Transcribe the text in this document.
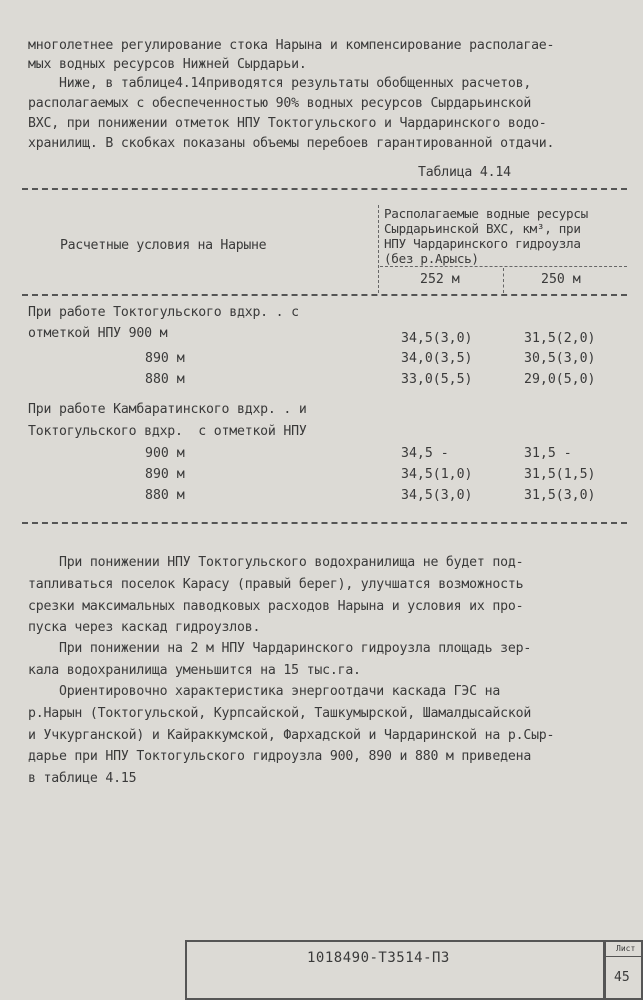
многолетнее регулирование стока Нарына и компенсирование располагае-
мых водных ресурсов Нижней Сырдарьи.
Ниже, в таблице4.14приводятся результаты обобщенных расчетов,
располагаемых с обеспеченностью 90% водных ресурсов Сырдарьинской
ВХС, при понижении отметок НПУ Токтогульского и Чардаринского водо-
хранилищ. В скобках показаны объемы перебоев гарантированной отдачи.
Таблица 4.14
Расчетные условия на Нарыне
Располагаемые водные ресурсы
Сырдарьинской ВХС, км³, при
НПУ Чардаринского гидроузла
(без р.Арысь)
252 м	250 м
При работе Токтогульского вдхр. . с
отметкой НПУ 900 м	34,5(3,0)	31,5(2,0)
890 м	34,0(3,5)	30,5(3,0)
880 м	33,0(5,5)	29,0(5,0)
При работе Камбаратинского вдхр. . и
Токтогульского вдхр.  с отметкой НПУ
900 м	34,5 -	31,5 -
890 м	34,5(1,0)	31,5(1,5)
880 м	34,5(3,0)	31,5(3,0)
При понижении НПУ Токтогульского водохранилища не будет под-
тапливаться поселок Карасу (правый берег), улучшатся возможность
срезки максимальных паводковых расходов Нарына и условия их про-
пуска через каскад гидроузлов.
При понижении на 2 м НПУ Чардаринского гидроузла площадь зер-
кала водохранилища уменьшится на 15 тыс.га.
Ориентировочно характеристика энергоотдачи каскада ГЭС на
р.Нарын (Токтогульской, Курпсайской, Ташкумырской, Шамалдысайской
и Учкурганской) и Кайраккумской, Фархадской и Чардаринской на р.Сыр-
дарье при НПУ Токтогульского гидроузла 900, 890 и 880 м приведена
в таблице 4.15
1018490-Т3514-П3
Лист
45
